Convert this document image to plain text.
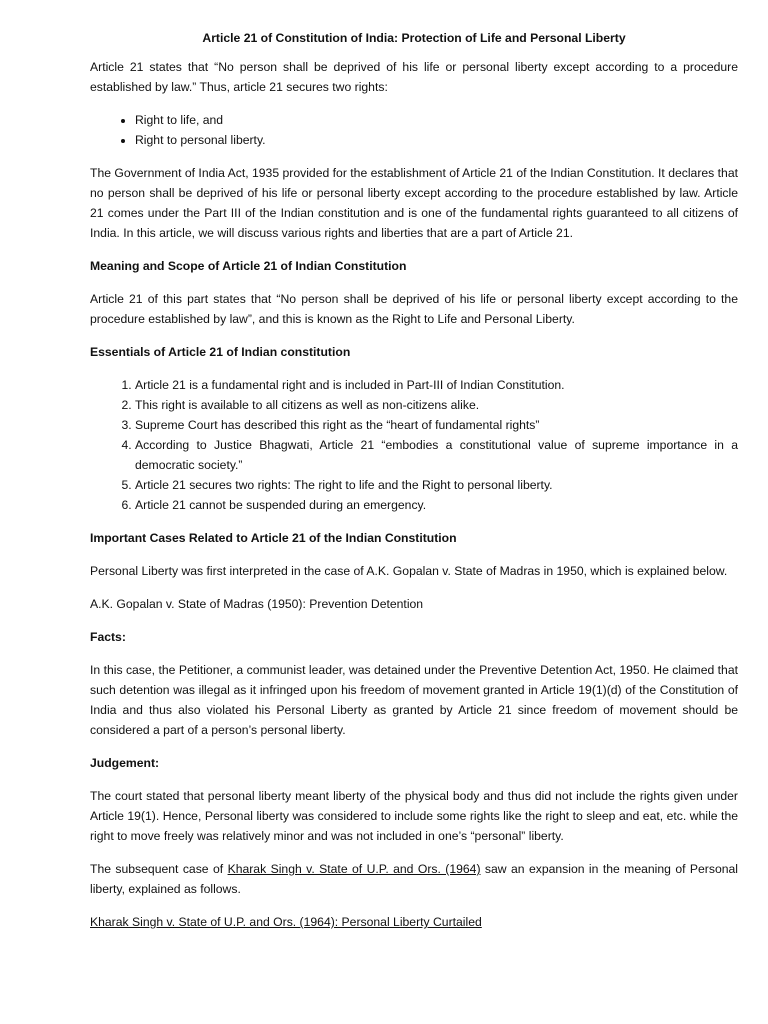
Article 21 of Constitution of India: Protection of Life and Personal Liberty

Article 21 states that “No person shall be deprived of his life or personal liberty except according to a procedure established by law.” Thus, article 21 secures two rights:

• Right to life, and
• Right to personal liberty.

The Government of India Act, 1935 provided for the establishment of Article 21 of the Indian Constitution. It declares that no person shall be deprived of his life or personal liberty except according to the procedure established by law. Article 21 comes under the Part III of the Indian constitution and is one of the fundamental rights guaranteed to all citizens of India. In this article, we will discuss various rights and liberties that are a part of Article 21.

Meaning and Scope of Article 21 of Indian Constitution

Article 21 of this part states that “No person shall be deprived of his life or personal liberty except according to the procedure established by law”, and this is known as the Right to Life and Personal Liberty.

Essentials of Article 21 of Indian constitution
1. Article 21 is a fundamental right and is included in Part-III of Indian Constitution.
2. This right is available to all citizens as well as non-citizens alike.
3. Supreme Court has described this right as the “heart of fundamental rights”
4. According to Justice Bhagwati, Article 21 “embodies a constitutional value of supreme importance in a democratic society.”
5. Article 21 secures two rights: The right to life and the Right to personal liberty.
6. Article 21 cannot be suspended during an emergency.
Important Cases Related to Article 21 of the Indian Constitution

Personal Liberty was first interpreted in the case of A.K. Gopalan v. State of Madras in 1950, which is explained below.

A.K. Gopalan v. State of Madras (1950): Prevention Detention

Facts:

In this case, the Petitioner, a communist leader, was detained under the Preventive Detention Act, 1950. He claimed that such detention was illegal as it infringed upon his freedom of movement granted in Article 19(1)(d) of the Constitution of India and thus also violated his Personal Liberty as granted by Article 21 since freedom of movement should be considered a part of a person’s personal liberty.

Judgement:

The court stated that personal liberty meant liberty of the physical body and thus did not include the rights given under Article 19(1). Hence, Personal liberty was considered to include some rights like the right to sleep and eat, etc. while the right to move freely was relatively minor and was not included in one’s “personal” liberty.

The subsequent case of Kharak Singh v. State of U.P. and Ors. (1964) saw an expansion in the meaning of Personal liberty, explained as follows.

Kharak Singh v. State of U.P. and Ors. (1964): Personal Liberty Curtailed
